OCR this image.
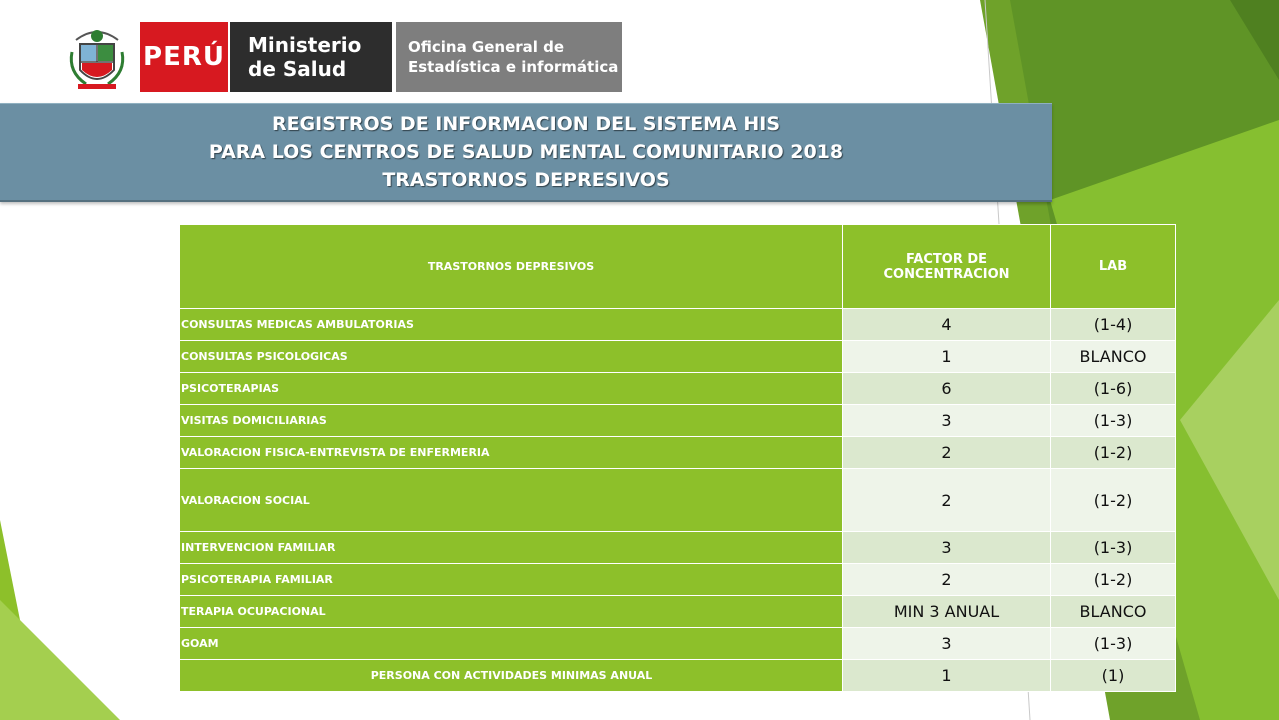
PERÚ Ministerio
de Salud
Oficina General de
Estadística e informática
REGISTROS DE INFORMACION DEL SISTEMA HIS
PARA LOS CENTROS DE SALUD MENTAL COMUNITARIO 2018
TRASTORNOS DEPRESIVOS
TRASTORNOS DEPRESIVOS	FACTOR DE CONCENTRACION	LAB
CONSULTAS MEDICAS AMBULATORIAS	4	(1-4)
CONSULTAS PSICOLOGICAS	1	BLANCO
PSICOTERAPIAS	6	(1-6)
VISITAS DOMICILIARIAS	3	(1-3)
VALORACION FISICA-ENTREVISTA DE ENFERMERIA	2	(1-2)
VALORACION SOCIAL	2	(1-2)
INTERVENCION FAMILIAR	3	(1-3)
PSICOTERAPIA FAMILIAR	2	(1-2)
TERAPIA OCUPACIONAL	MIN 3 ANUAL	BLANCO
GOAM	3	(1-3)
PERSONA CON ACTIVIDADES MINIMAS ANUAL	1	(1)
